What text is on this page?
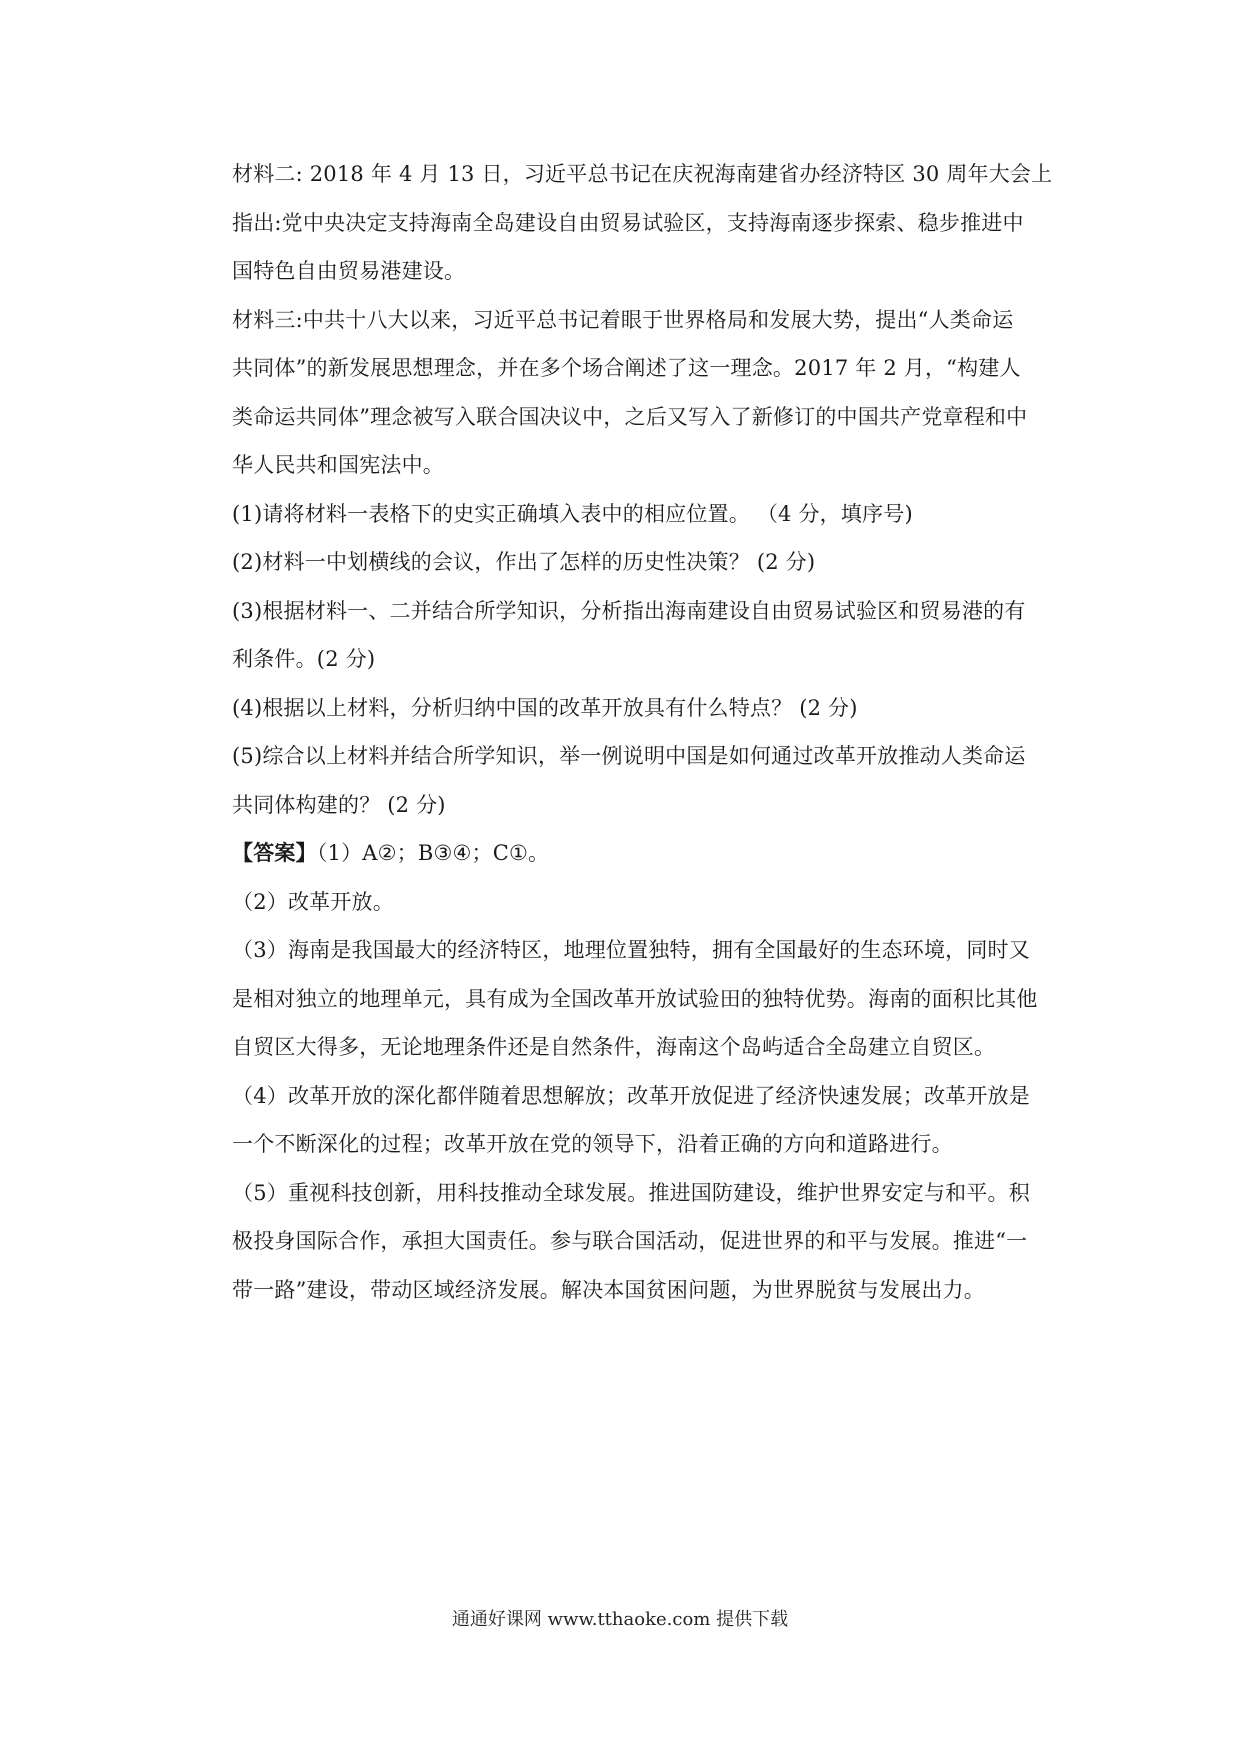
材料二: 2018 年 4 月 13 日，习近平总书记在庆祝海南建省办经济特区 30 周年大会上
指出:党中央决定支持海南全岛建设自由贸易试验区，支持海南逐步探索、稳步推进中
国特色自由贸易港建设。
材料三:中共十八大以来，习近平总书记着眼于世界格局和发展大势，提出“人类命运
共同体”的新发展思想理念，并在多个场合阐述了这一理念。2017 年 2 月，“构建人
类命运共同体”理念被写入联合国决议中，之后又写入了新修订的中国共产党章程和中
华人民共和国宪法中。
(1)请将材料一表格下的史实正确填入表中的相应位置。 （4 分，填序号)
(2)材料一中划横线的会议，作出了怎样的历史性决策？ (2 分)
(3)根据材料一、二并结合所学知识，分析指出海南建设自由贸易试验区和贸易港的有
利条件。(2 分)
(4)根据以上材料，分析归纳中国的改革开放具有什么特点？ (2 分)
(5)综合以上材料并结合所学知识，举一例说明中国是如何通过改革开放推动人类命运
共同体构建的？ (2 分)
【答案】（1）A②；B③④；C①。
（2）改革开放。
（3）海南是我国最大的经济特区，地理位置独特，拥有全国最好的生态环境，同时又
是相对独立的地理单元，具有成为全国改革开放试验田的独特优势。海南的面积比其他
自贸区大得多，无论地理条件还是自然条件，海南这个岛屿适合全岛建立自贸区。
（4）改革开放的深化都伴随着思想解放；改革开放促进了经济快速发展；改革开放是
一个不断深化的过程；改革开放在党的领导下，沿着正确的方向和道路进行。
（5）重视科技创新，用科技推动全球发展。推进国防建设，维护世界安定与和平。积
极投身国际合作，承担大国责任。参与联合国活动，促进世界的和平与发展。推进“一
带一路”建设，带动区域经济发展。解决本国贫困问题，为世界脱贫与发展出力。
通通好课网 www.tthaoke.com 提供下载
